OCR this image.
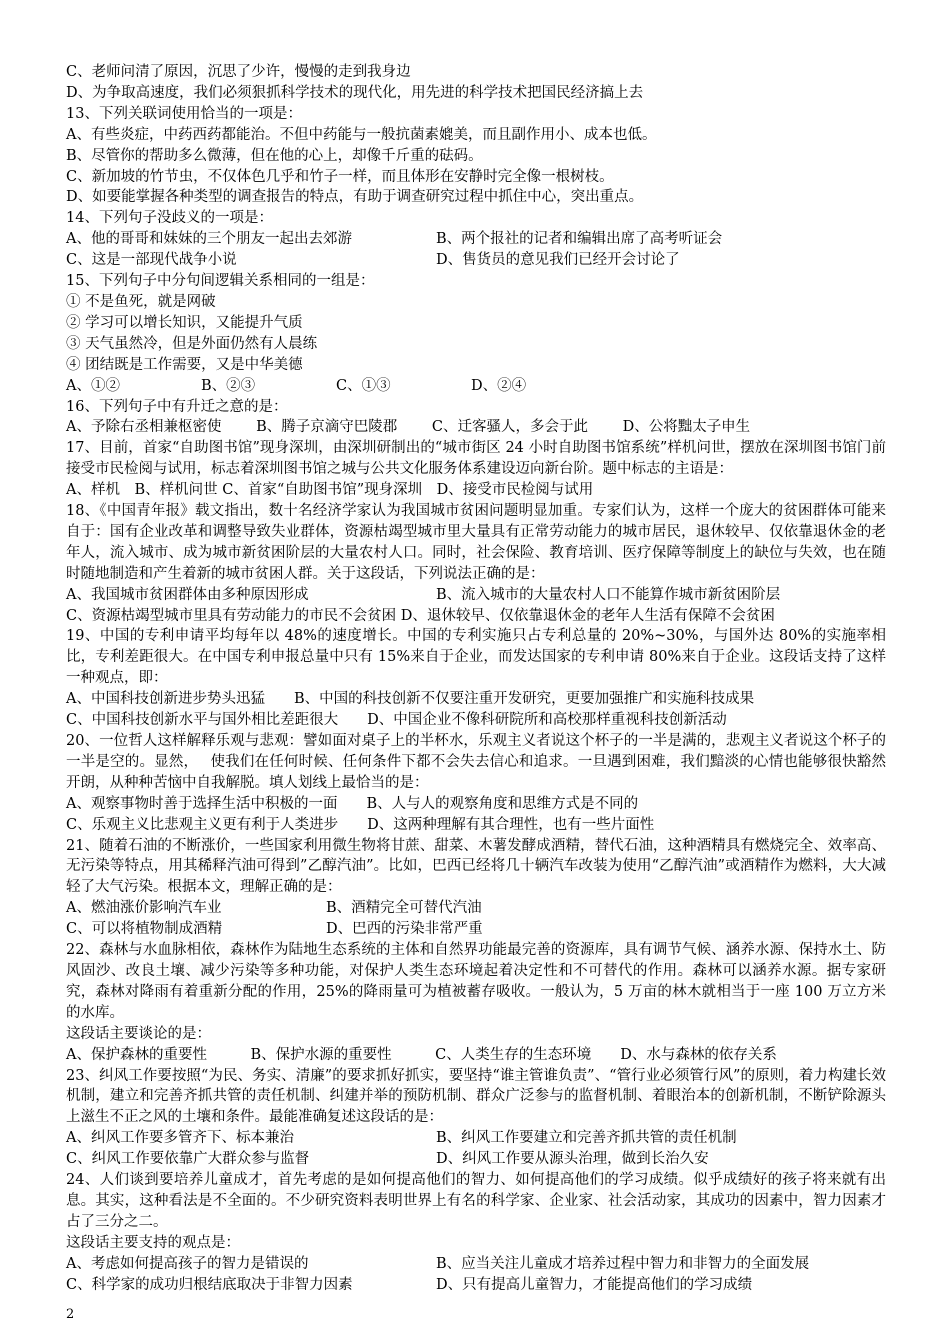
C、老师问清了原因，沉思了少许，慢慢的走到我身边
D、为争取高速度，我们必须狠抓科学技术的现代化，用先进的科学技术把国民经济搞上去
13、下列关联词使用恰当的一项是：
A、有些炎症，中药西药都能治。不但中药能与一般抗菌素媲美，而且副作用小、成本也低。
B、尽管你的帮助多么微薄，但在他的心上，却像千斤重的砝码。
C、新加坡的竹节虫，不仅体色几乎和竹子一样，而且体形在安静时完全像一根树枝。
D、如要能掌握各种类型的调查报告的特点，有助于调查研究过程中抓住中心，突出重点。
14、下列句子没歧义的一项是：
A、他的哥哥和妹妹的三个朋友一起出去郊游	B、两个报社的记者和编辑出席了高考听证会
C、这是一部现代战争小说	D、售货员的意见我们已经开会讨论了
15、下列句子中分句间逻辑关系相同的一组是：
① 不是鱼死，就是网破
② 学习可以增长知识，又能提升气质
③ 天气虽然冷，但是外面仍然有人晨练
④ 团结既是工作需要，又是中华美德
A、①②	B、②③	C、①③	D、②④
16、下列句子中有升迁之意的是：
A、予除右丞相兼枢密使 B、腾子京滴守巴陵郡 C、迁客骚人，多会于此 D、公将黜太子申生
17、目前，首家“自助图书馆”现身深圳，由深圳研制出的“城市街区 24 小时自助图书馆系统”样机问世，摆放在深圳图书馆门前接受市民检阅与试用，标志着深圳图书馆之城与公共文化服务体系建设迈向新台阶。题中标志的主语是：
A、样机　B、样机问世 C、首家“自助图书馆”现身深圳　D、接受市民检阅与试用
18、《中国青年报》载文指出，数十名经济学家认为我国城市贫困问题明显加重。专家们认为，这样一个庞大的贫困群体可能来自于：国有企业改革和调整导致失业群体，资源枯竭型城市里大量具有正常劳动能力的城市居民，退休较早、仅依靠退休金的老年人，流入城市、成为城市新贫困阶层的大量农村人口。同时，社会保险、教育培训、医疗保障等制度上的缺位与失效，也在随时随地制造和产生着新的城市贫困人群。关于这段话，下列说法正确的是：
A、我国城市贫困群体由多种原因形成	B、流入城市的大量农村人口不能算作城市新贫困阶层
C、资源枯竭型城市里具有劳动能力的市民不会贫困 D、退休较早、仅依靠退休金的老年人生活有保障不会贫困
19、中国的专利申请平均每年以 48%的速度增长。中国的专利实施只占专利总量的 20%~30%，与国外达 80%的实施率相比，专利差距很大。在中国专利申报总量中只有 15%来自于企业，而发达国家的专利申请 80%来自于企业。这段话支持了这样一种观点，即：
A、中国科技创新进步势头迅猛　　B、中国的科技创新不仅要注重开发研究，更要加强推广和实施科技成果
C、中国科技创新水平与国外相比差距很大　　D、中国企业不像科研院所和高校那样重视科技创新活动
20、一位哲人这样解释乐观与悲观：譬如面对桌子上的半杯水，乐观主义者说这个杯子的一半是满的，悲观主义者说这个杯子的一半是空的。显然，　 使我们在任何时候、任何条件下都不会失去信心和追求。一旦遇到困难，我们黯淡的心情也能够很快豁然开朗，从种种苦恼中自我解脱。填人划线上最恰当的是：
A、观察事物时善于选择生活中积极的一面　　B、人与人的观察角度和思维方式是不同的
C、乐观主义比悲观主义更有利于人类进步　　D、这两种理解有其合理性，也有一些片面性
21、随着石油的不断涨价，一些国家利用微生物将甘蔗、甜菜、木薯发酵成酒精，替代石油，这种酒精具有燃烧完全、效率高、无污染等特点，用其稀释汽油可得到”乙醇汽油”。比如，巴西已经将几十辆汽车改装为使用“乙醇汽油”或酒精作为燃料，大大减轻了大气污染。根据本文，理解正确的是：
A、燃油涨价影响汽车业	B、酒精完全可替代汽油
C、可以将植物制成酒精	D、巴西的污染非常严重
22、森林与水血脉相依，森林作为陆地生态系统的主体和自然界功能最完善的资源库，具有调节气候、涵养水源、保持水土、防风固沙、改良土壤、减少污染等多种功能，对保护人类生态环境起着决定性和不可替代的作用。森林可以涵养水源。据专家研究，森林对降雨有着重新分配的作用，25%的降雨量可为植被蓄存吸收。一般认为，5 万亩的林木就相当于一座 100 万立方米的水库。
这段话主要谈论的是：
A、保护森林的重要性　　　B、保护水源的重要性　　　C、人类生存的生态环境　　D、水与森林的依存关系
23、纠风工作要按照“为民、务实、清廉”的要求抓好抓实，要坚持“谁主管谁负责”、“管行业必须管行风”的原则，着力构建长效机制，建立和完善齐抓共管的责任机制、纠建并举的预防机制、群众广泛参与的监督机制、着眼治本的创新机制，不断铲除源头上滋生不正之风的土壤和条件。最能准确复述这段话的是：
A、纠风工作要多管齐下、标本兼治	B、纠风工作要建立和完善齐抓共管的责任机制
C、纠风工作要依靠广大群众参与监督	D、纠风工作要从源头治理，做到长治久安
24、人们谈到要培养儿童成才，首先考虑的是如何提高他们的智力、如何提高他们的学习成绩。似乎成绩好的孩子将来就有出息。其实，这种看法是不全面的。不少研究资料表明世界上有名的科学家、企业家、社会活动家，其成功的因素中，智力因素才占了三分之二。
这段话主要支持的观点是：
A、考虑如何提高孩子的智力是错误的	B、应当关注儿童成才培养过程中智力和非智力的全面发展
C、科学家的成功归根结底取决于非智力因素	D、只有提高儿童智力，才能提高他们的学习成绩
2
